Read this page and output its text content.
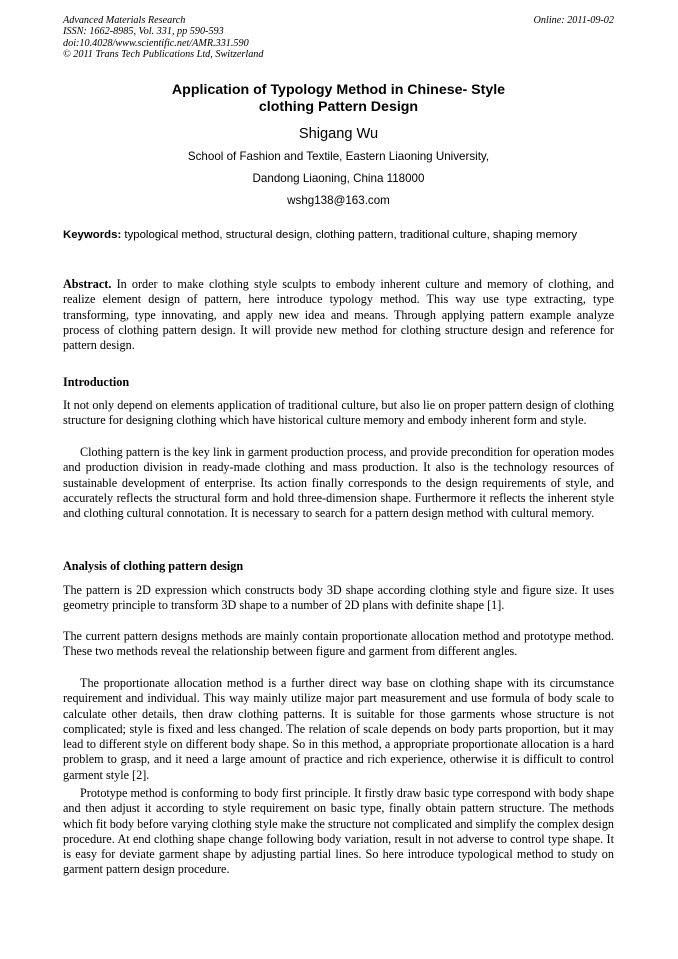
Advanced Materials Research
ISSN: 1662-8985, Vol. 331, pp 590-593
doi:10.4028/www.scientific.net/AMR.331.590
© 2011 Trans Tech Publications Ltd, Switzerland
Online: 2011-09-02
Application of Typology Method in Chinese- Style
clothing Pattern Design
Shigang Wu
School of Fashion and Textile, Eastern Liaoning University,
Dandong Liaoning, China 118000
wshg138@163.com
Keywords: typological method, structural design, clothing pattern, traditional culture, shaping memory

Abstract. In order to make clothing style sculpts to embody inherent culture and memory of clothing, and realize element design of pattern, here introduce typology method. This way use type extracting, type transforming, type innovating, and apply new idea and means. Through applying pattern example analyze process of clothing pattern design. It will provide new method for clothing structure design and reference for pattern design.

Introduction

It not only depend on elements application of traditional culture, but also lie on proper pattern design of clothing structure for designing clothing which have historical culture memory and embody inherent form and style.

Clothing pattern is the key link in garment production process, and provide precondition for operation modes and production division in ready-made clothing and mass production. It also is the technology resources of sustainable development of enterprise. Its action finally corresponds to the design requirements of style, and accurately reflects the structural form and hold three-dimension shape. Furthermore it reflects the inherent style and clothing cultural connotation. It is necessary to search for a pattern design method with cultural memory.

Analysis of clothing pattern design

The pattern is 2D expression which constructs body 3D shape according clothing style and figure size. It uses geometry principle to transform 3D shape to a number of 2D plans with definite shape [1].

The current pattern designs methods are mainly contain proportionate allocation method and prototype method. These two methods reveal the relationship between figure and garment from different angles.

The proportionate allocation method is a further direct way base on clothing shape with its circumstance requirement and individual. This way mainly utilize major part measurement and use formula of body scale to calculate other details, then draw clothing patterns. It is suitable for those garments whose structure is not complicated; style is fixed and less changed. The relation of scale depends on body parts proportion, but it may lead to different style on different body shape. So in this method, a appropriate proportionate allocation is a hard problem to grasp, and it need a large amount of practice and rich experience, otherwise it is difficult to control garment style [2].

Prototype method is conforming to body first principle. It firstly draw basic type correspond with body shape and then adjust it according to style requirement on basic type, finally obtain pattern structure. The methods which fit body before varying clothing style make the structure not complicated and simplify the complex design procedure. At end clothing shape change following body variation, result in not adverse to control type shape. It is easy for deviate garment shape by adjusting partial lines. So here introduce typological method to study on garment pattern design procedure.
